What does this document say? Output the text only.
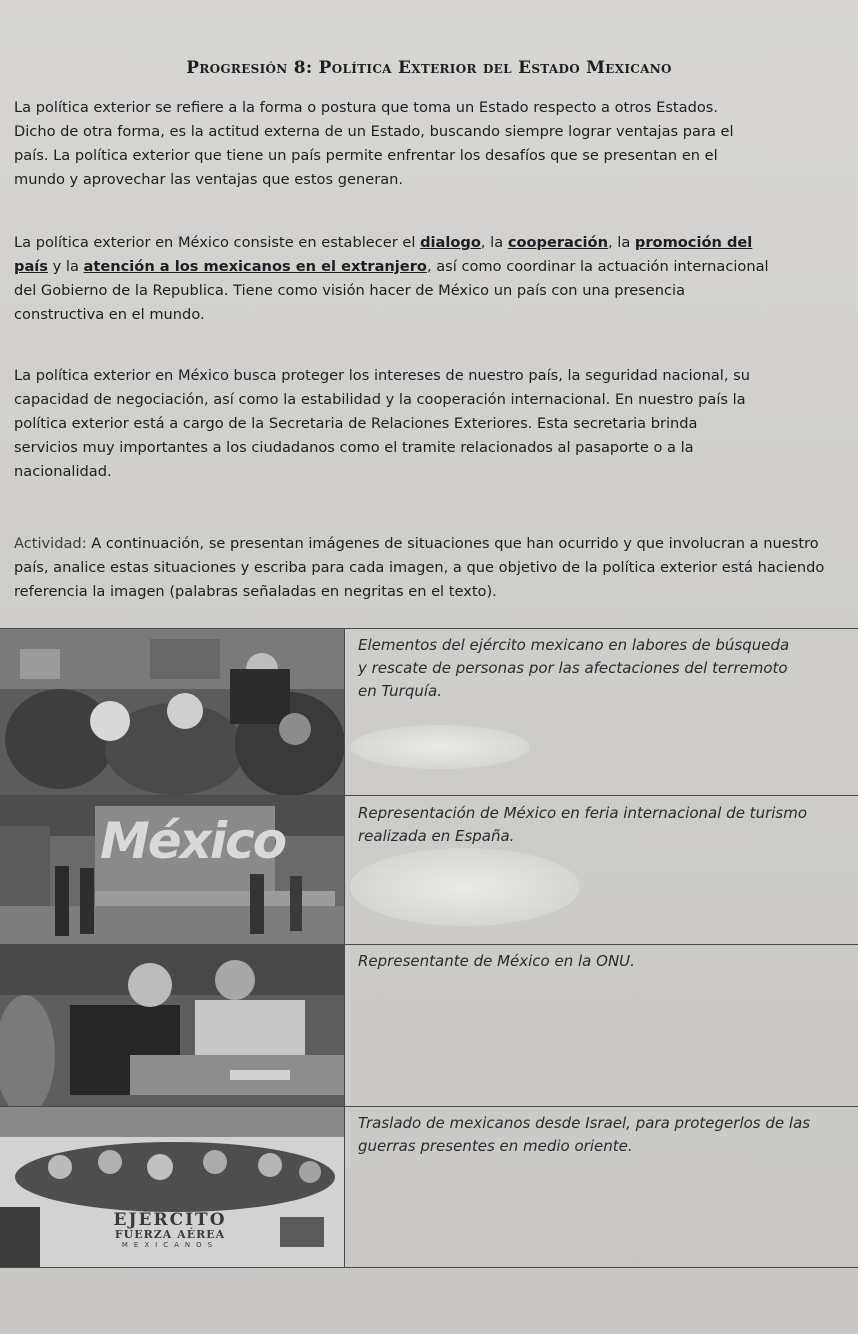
Progresión 8: Política Exterior del Estado Mexicano
La política exterior se refiere a la forma o postura que toma un Estado respecto a otros Estados.
Dicho de otra forma, es la actitud externa de un Estado, buscando siempre lograr ventajas para el
país. La política exterior que tiene un país permite enfrentar los desafíos que se presentan en el
mundo y aprovechar las ventajas que estos generan.
La política exterior en México consiste en establecer el dialogo, la cooperación, la promoción del
país y la atención a los mexicanos en el extranjero, así como coordinar la actuación internacional
del Gobierno de la Republica. Tiene como visión hacer de México un país con una presencia
constructiva en el mundo.
La política exterior en México busca proteger los intereses de nuestro país, la seguridad nacional, su
capacidad de negociación, así como la estabilidad y la cooperación internacional. En nuestro país la
política exterior está a cargo de la Secretaria de Relaciones Exteriores. Esta secretaria brinda
servicios muy importantes a los ciudadanos como el tramite relacionados al pasaporte o a la
nacionalidad.
Actividad: A continuación, se presentan imágenes de situaciones que han ocurrido y que involucran a nuestro
país, analice estas situaciones y escriba para cada imagen, a que objetivo de la política exterior está haciendo
referencia la imagen (palabras señaladas en negritas en el texto).
Elementos del ejército mexicano en labores de búsqueda
y rescate de personas por las afectaciones del terremoto
en Turquía.
México	Representación de México en feria internacional de turismo
realizada en España.
Representante de México en la ONU.
EJÉRCITO
FUERZA AÉREA
MEXICANOS
Traslado de mexicanos desde Israel, para protegerlos de las
guerras presentes en medio oriente.
